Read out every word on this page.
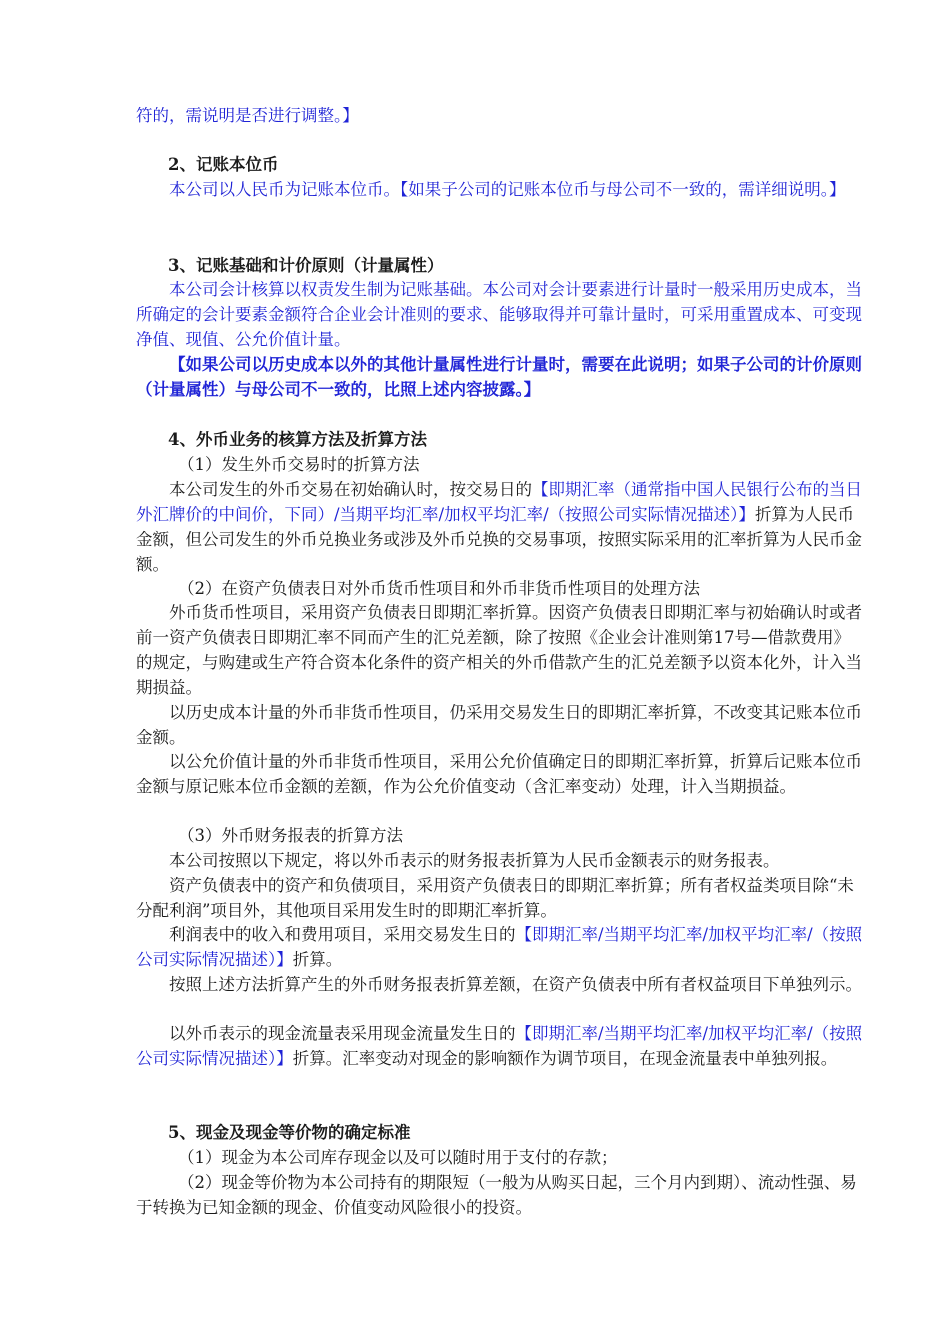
符的，需说明是否进行调整。】

2、记账本位币

本公司以人民币为记账本位币。【如果子公司的记账本位币与母公司不一致的，需详细说明。】

3、记账基础和计价原则（计量属性）

本公司会计核算以权责发生制为记账基础。本公司对会计要素进行计量时一般采用历史成本，当所确定的会计要素金额符合企业会计准则的要求、能够取得并可靠计量时，可采用重置成本、可变现净值、现值、公允价值计量。

【如果公司以历史成本以外的其他计量属性进行计量时，需要在此说明；如果子公司的计价原则（计量属性）与母公司不一致的，比照上述内容披露。】

4、外币业务的核算方法及折算方法

（1）发生外币交易时的折算方法

本公司发生的外币交易在初始确认时，按交易日的【即期汇率（通常指中国人民银行公布的当日外汇牌价的中间价，下同）/当期平均汇率/加权平均汇率/（按照公司实际情况描述）】折算为人民币金额，但公司发生的外币兑换业务或涉及外币兑换的交易事项，按照实际采用的汇率折算为人民币金额。

（2）在资产负债表日对外币货币性项目和外币非货币性项目的处理方法

外币货币性项目，采用资产负债表日即期汇率折算。因资产负债表日即期汇率与初始确认时或者前一资产负债表日即期汇率不同而产生的汇兑差额，除了按照《企业会计准则第17号—借款费用》的规定，与购建或生产符合资本化条件的资产相关的外币借款产生的汇兑差额予以资本化外，计入当期损益。

以历史成本计量的外币非货币性项目，仍采用交易发生日的即期汇率折算，不改变其记账本位币金额。

以公允价值计量的外币非货币性项目，采用公允价值确定日的即期汇率折算，折算后记账本位币金额与原记账本位币金额的差额，作为公允价值变动（含汇率变动）处理，计入当期损益。

（3）外币财务报表的折算方法

本公司按照以下规定，将以外币表示的财务报表折算为人民币金额表示的财务报表。

资产负债表中的资产和负债项目，采用资产负债表日的即期汇率折算；所有者权益类项目除“未分配利润”项目外，其他项目采用发生时的即期汇率折算。

利润表中的收入和费用项目，采用交易发生日的【即期汇率/当期平均汇率/加权平均汇率/（按照公司实际情况描述）】折算。

按照上述方法折算产生的外币财务报表折算差额，在资产负债表中所有者权益项目下单独列示。

以外币表示的现金流量表采用现金流量发生日的【即期汇率/当期平均汇率/加权平均汇率/（按照公司实际情况描述）】折算。汇率变动对现金的影响额作为调节项目，在现金流量表中单独列报。

5、现金及现金等价物的确定标准

（1）现金为本公司库存现金以及可以随时用于支付的存款；

（2）现金等价物为本公司持有的期限短（一般为从购买日起，三个月内到期）、流动性强、易于转换为已知金额的现金、价值变动风险很小的投资。
